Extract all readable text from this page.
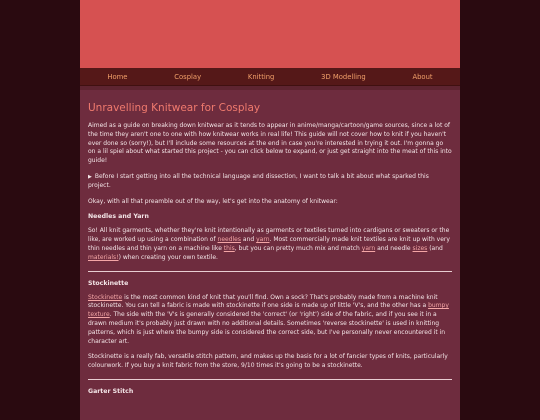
Home	Cosplay	Knitting	3D Modelling	About
Unravelling Knitwear for Cosplay

Aimed as a guide on breaking down knitwear as it tends to appear in anime/manga/cartoon/game sources, since a lot of the time they aren't one to one with how knitwear works in real life! This guide will not cover how to knit if you haven't ever done so (sorry!), but I'll include some resources at the end in case you're interested in trying it out. I'm gonna go on a lil spiel about what started this project - you can click below to expand, or just get straight into the meat of this into guide!

▶ Before I start getting into all the technical language and dissection, I want to talk a bit about what sparked this project.

Okay, with all that preamble out of the way, let's get into the anatomy of knitwear:

Needles and Yarn

So! All knit garments, whether they're knit intentionally as garments or textiles turned into cardigans or sweaters or the like, are worked up using a combination of needles and yarn. Most commercially made knit textiles are knit up with very thin needles and thin yarn on a machine like this, but you can pretty much mix and match yarn and needle sizes (and materials!) when creating your own textile.

Stockinette

Stockinette is the most common kind of knit that you'll find. Own a sock? That's probably made from a machine knit stockinette. You can tell a fabric is made with stockinette if one side is made up of little 'V's, and the other has a bumpy texture. The side with the 'V's is generally considered the 'correct' (or 'right') side of the fabric, and if you see it in a drawn medium it's probably just drawn with no additional details. Sometimes 'reverse stockinette' is used in knitting patterns, which is just where the bumpy side is considered the correct side, but I've personally never encountered it in character art.

Stockinette is a really fab, versatile stitch pattern, and makes up the basis for a lot of fancier types of knits, particularly colourwork. If you buy a knit fabric from the store, 9/10 times it's going to be a stockinette.

Garter Stitch
